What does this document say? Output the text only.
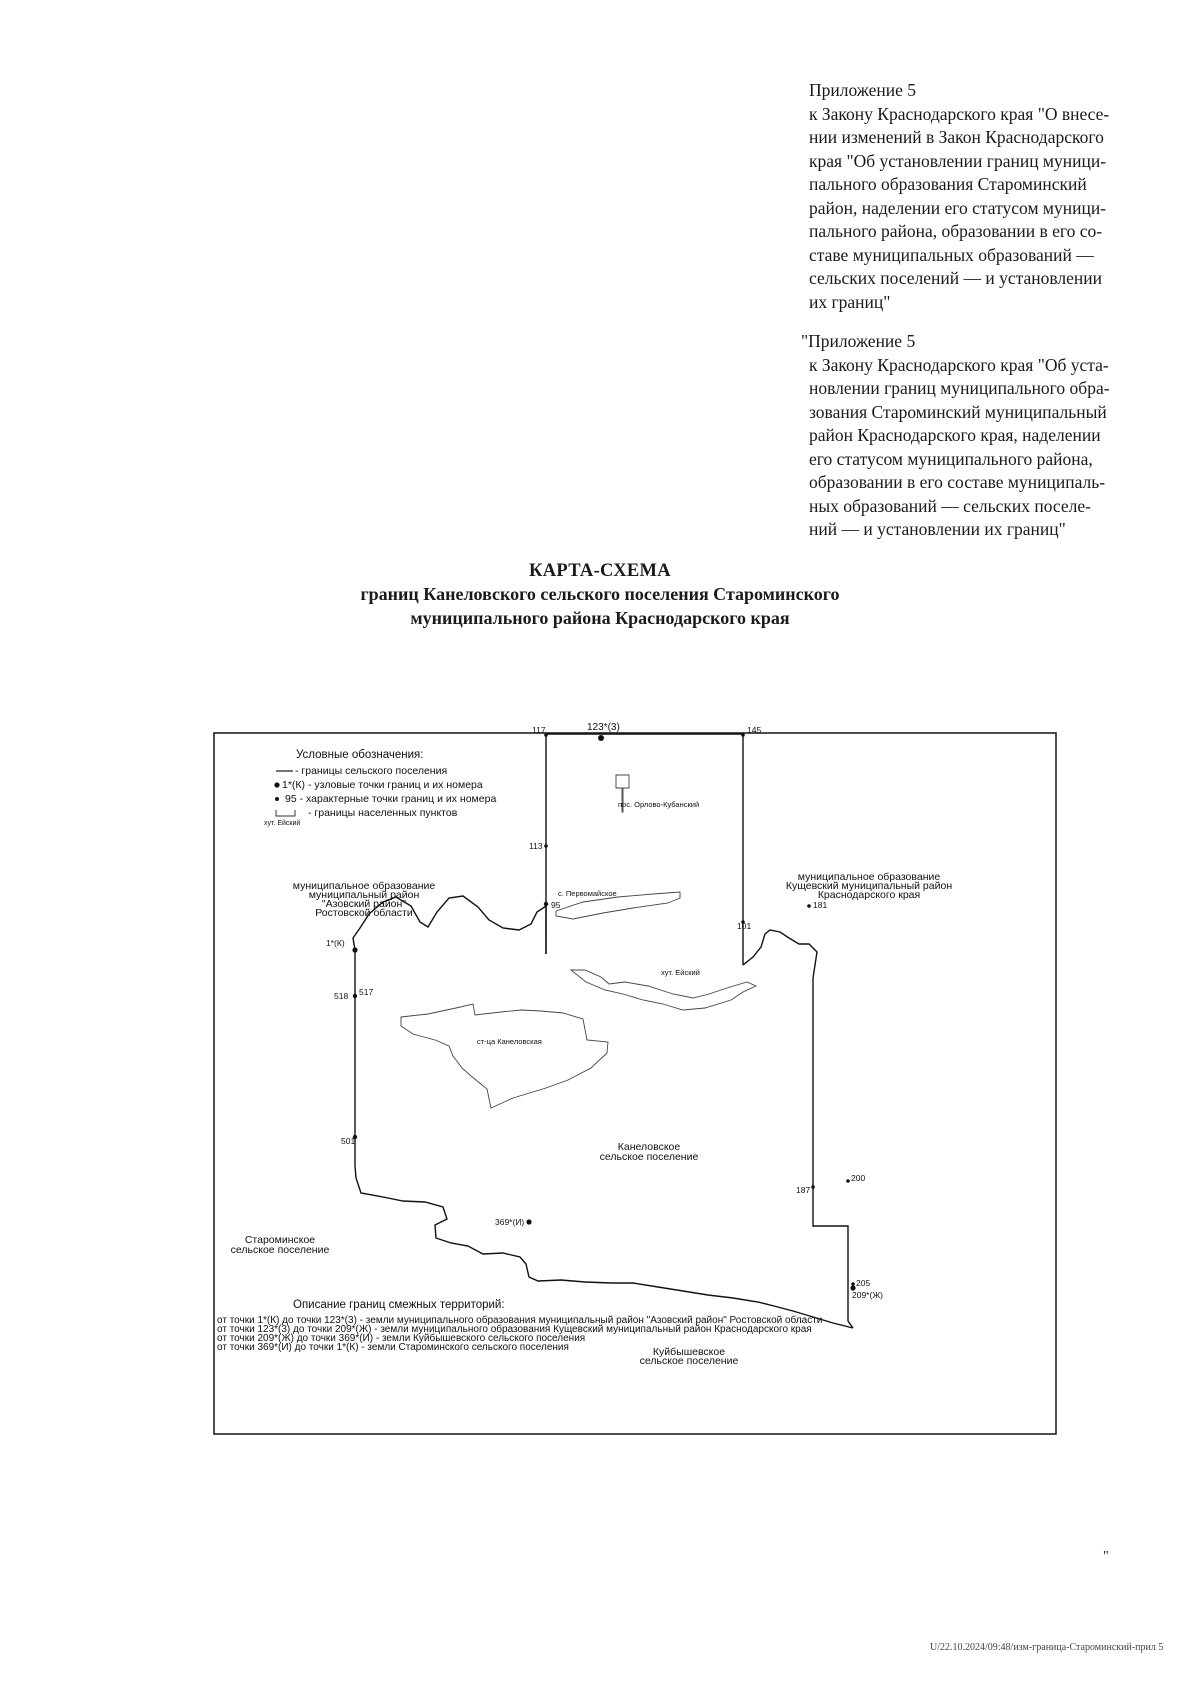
Приложение 5
к Закону Краснодарского края "О внесе-
нии изменений в Закон Краснодарского
края "Об установлении границ муници-
пального образования Староминский
район, наделении его статусом муници-
пального района, образовании в его со-
ставе муниципальных образований —
сельских поселений — и установлении
их границ"
"Приложение 5
к Закону Краснодарского края "Об уста-
новлении границ муниципального обра-
зования Староминский муниципальный
район Краснодарского края, наделении
его статусом муниципального района,
образовании в его составе муниципаль-
ных образований — сельских поселе-
ний — и установлении их границ"
КАРТА-СХЕМА
границ Канеловского сельского поселения Староминского
муниципального района Краснодарского края
Условные обозначения:
- границы сельского поселения
1*(К) - узловые точки границ и их номера
95 - характерные точки границ и их номера
- границы населенных пунктов
хут. Ейский
муниципальное образование
муниципальный район
"Азовский район"
Ростовской области
муниципальное образование
Кущевский муниципальный район
Краснодарского края
Староминское
сельское поселение
Куйбышевское
сельское поселение
Канеловское
сельское поселение
пос. Орлово-Кубанский
с. Первомайское
хут. Ейский
ст-ца Канеловская
123*(3)
117	145
113
95
101
181
1*(К)
518 517
501
187
200
369*(И)
205
209*(Ж)
Описание границ смежных территорий:
от точки 1*(К) до точки 123*(3) - земли муниципального образования муниципальный район "Азовский район" Ростовской области
от точки 123*(3) до точки 209*(Ж) - земли муниципального образования Кущевский муниципальный район Краснодарского края
от точки 209*(Ж) до точки 369*(И) - земли Куйбышевского сельского поселения
от точки 369*(И) до точки 1*(К) - земли Староминского сельского поселения
"
U/22.10.2024/09:48/изм-граница-Староминский-прил 5
